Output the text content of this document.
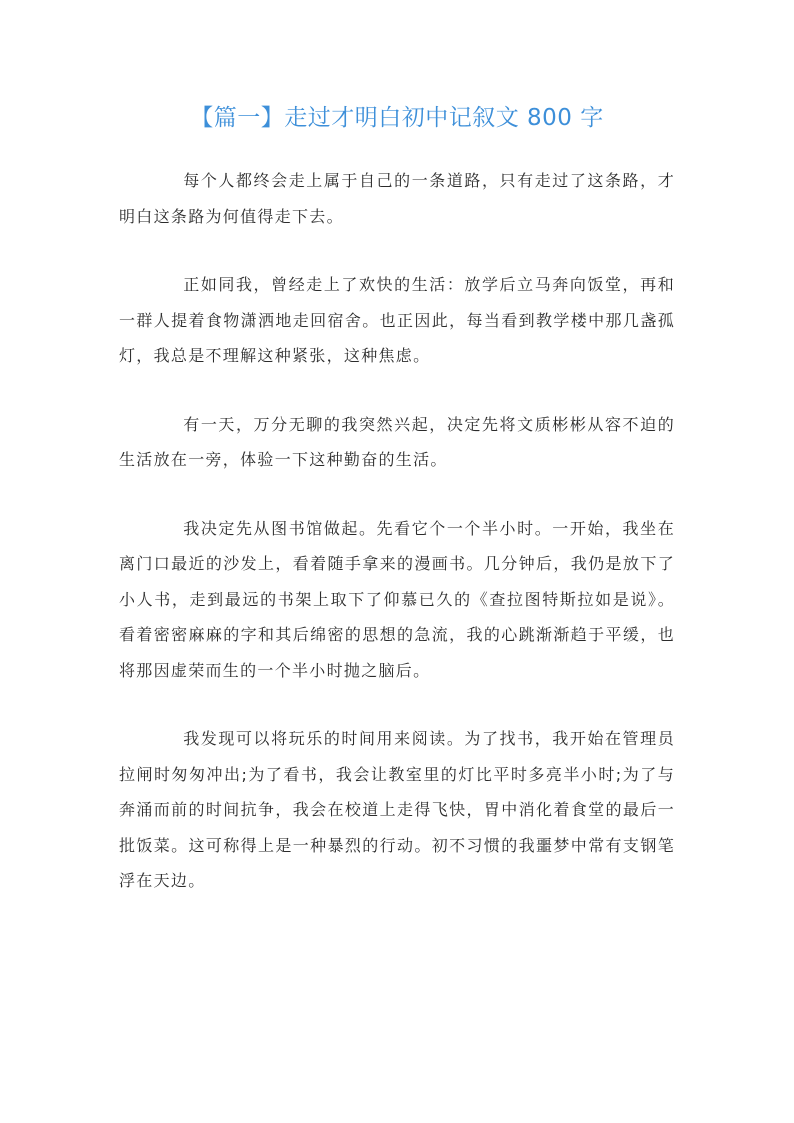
【篇一】走过才明白初中记叙文 800 字

每个人都终会走上属于自己的一条道路，只有走过了这条路，才明白这条路为何值得走下去。

正如同我，曾经走上了欢快的生活：放学后立马奔向饭堂，再和一群人提着食物潇洒地走回宿舍。也正因此，每当看到教学楼中那几盏孤灯，我总是不理解这种紧张，这种焦虑。

有一天，万分无聊的我突然兴起，决定先将文质彬彬从容不迫的生活放在一旁，体验一下这种勤奋的生活。

我决定先从图书馆做起。先看它个一个半小时。一开始，我坐在离门口最近的沙发上，看着随手拿来的漫画书。几分钟后，我仍是放下了小人书，走到最远的书架上取下了仰慕已久的《查拉图特斯拉如是说》。看着密密麻麻的字和其后绵密的思想的急流，我的心跳渐渐趋于平缓，也将那因虚荣而生的一个半小时抛之脑后。

我发现可以将玩乐的时间用来阅读。为了找书，我开始在管理员拉闸时匆匆冲出;为了看书，我会让教室里的灯比平时多亮半小时;为了与奔涌而前的时间抗争，我会在校道上走得飞快，胃中消化着食堂的最后一批饭菜。这可称得上是一种暴烈的行动。初不习惯的我噩梦中常有支钢笔浮在天边。
